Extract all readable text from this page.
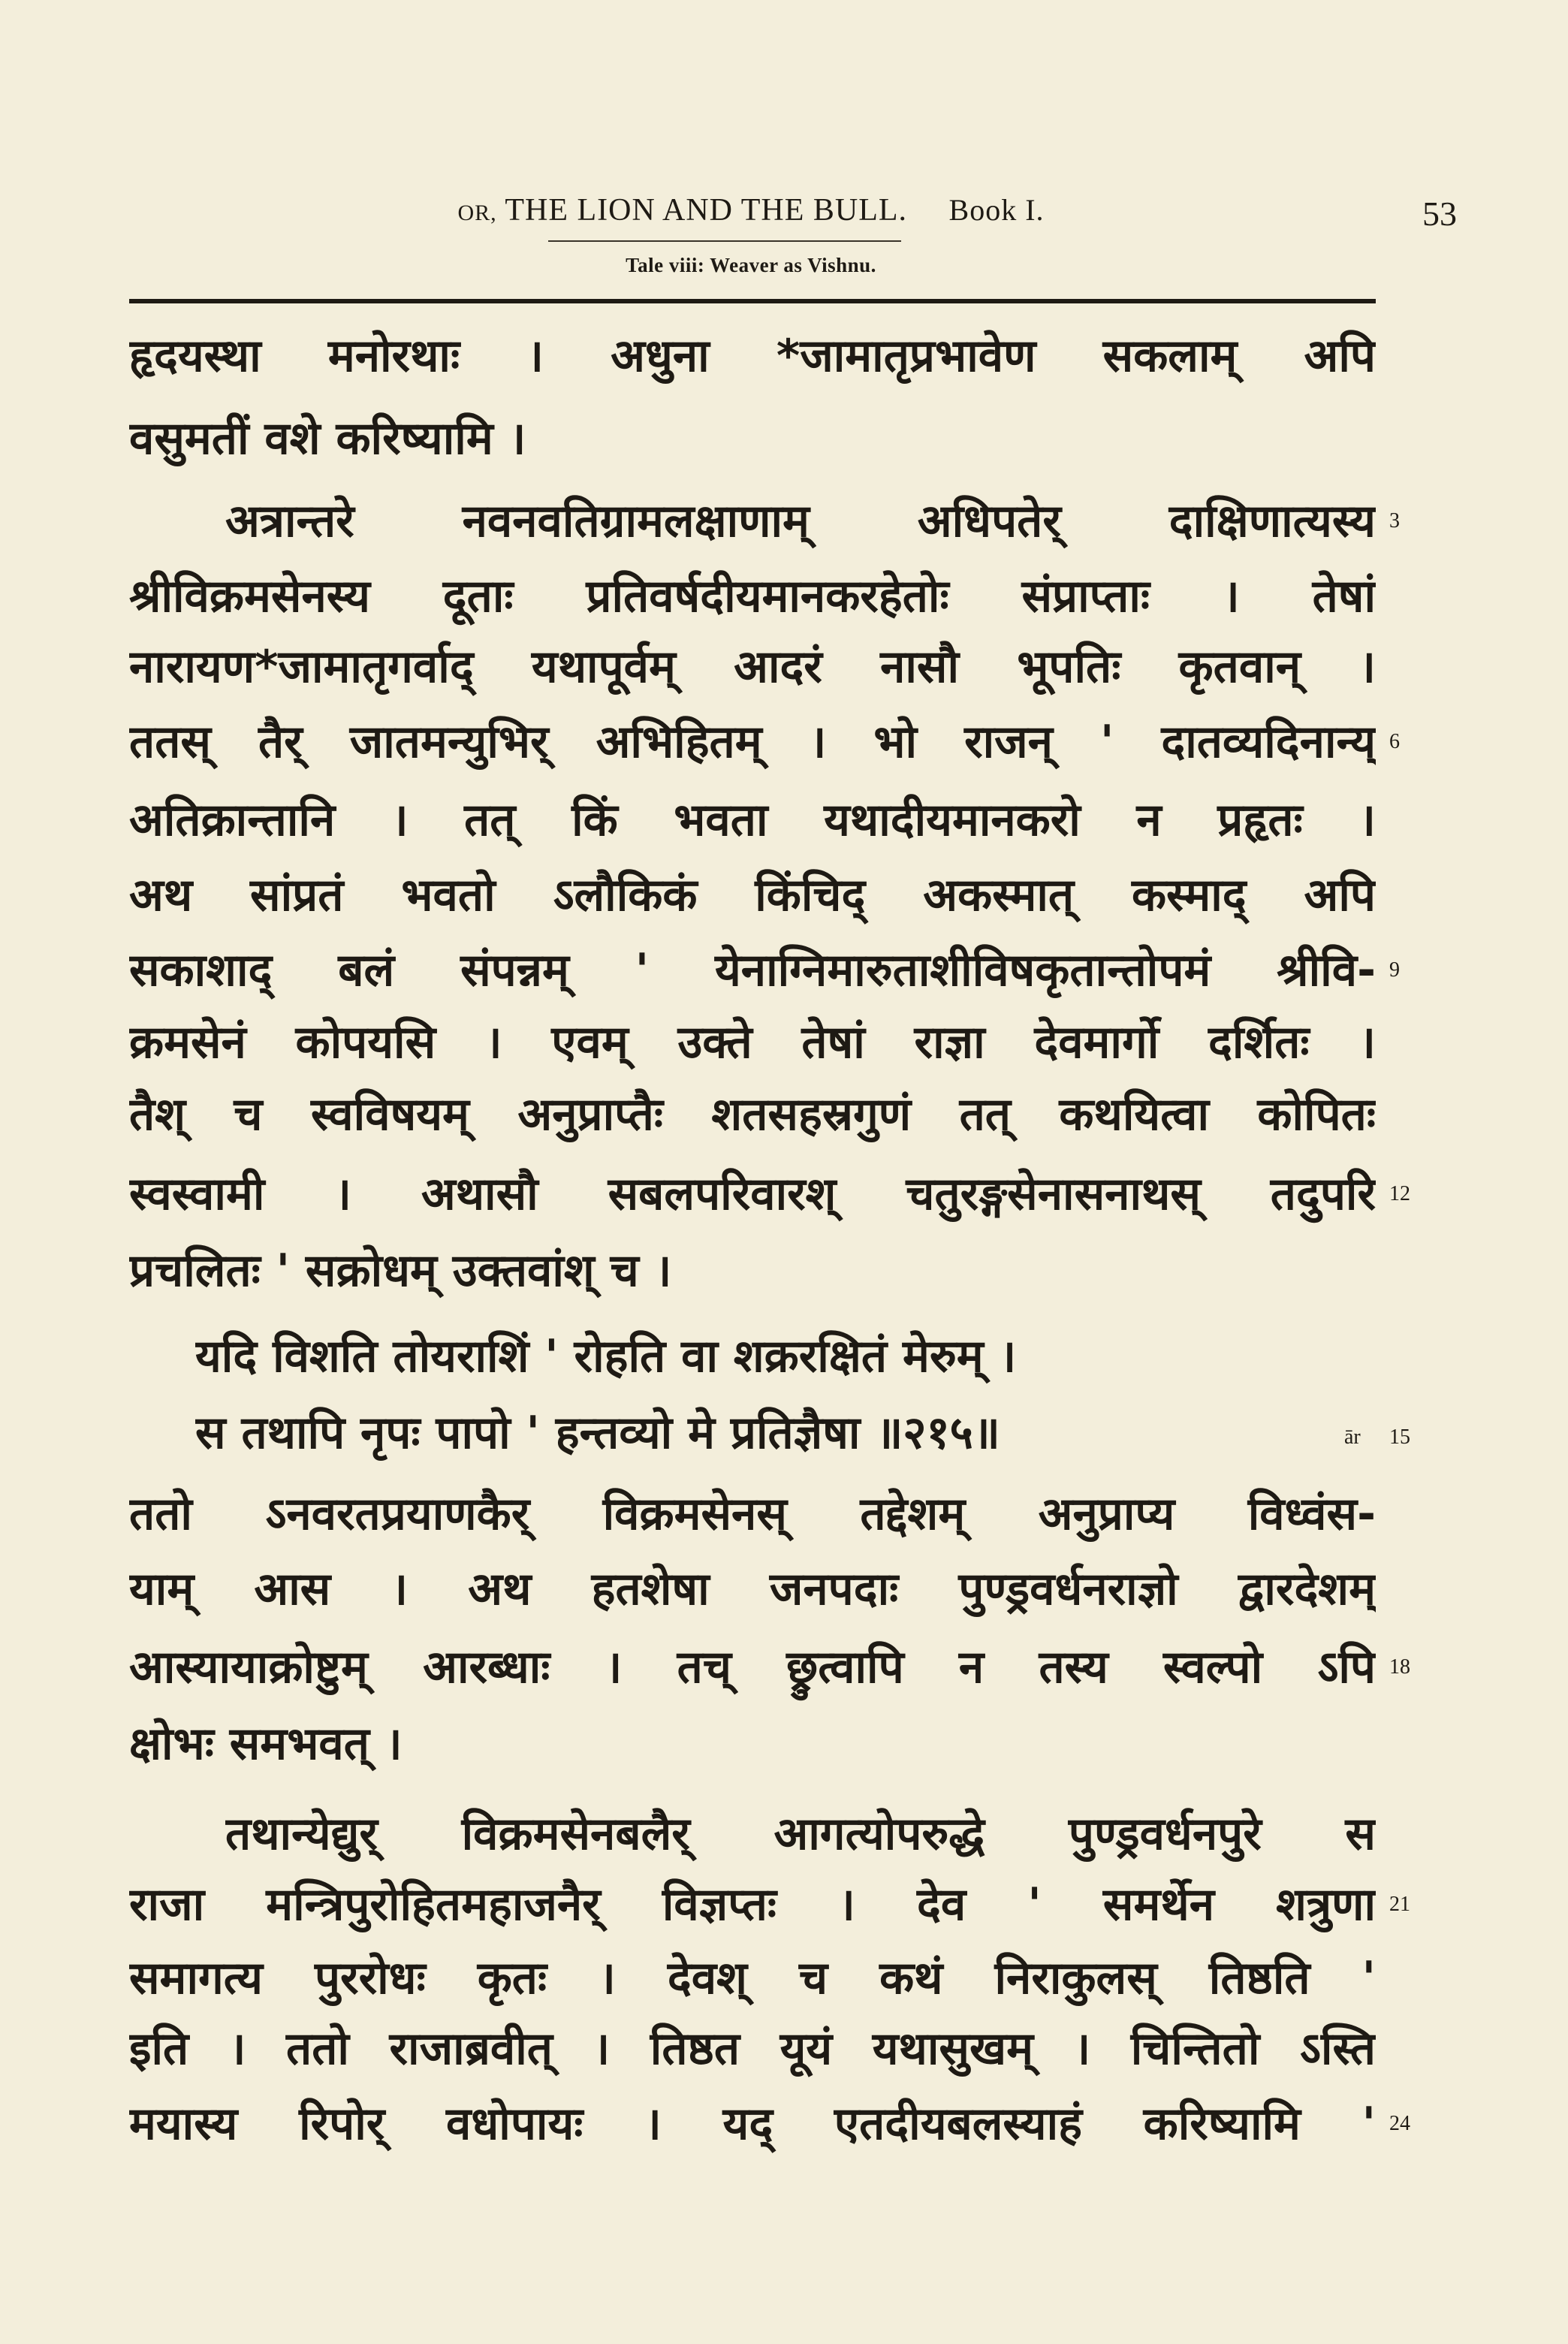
OR, THE LION AND THE BULL. Book I.	53
Tale viii: Weaver as Vishnu.
हृदयस्था मनोरथाः । अधुना *जामातृप्रभावेण सकलाम् अपि
वसुमतीं वशे करिष्यामि ।
अत्रान्तरे नवनवतिग्रामलक्षाणाम् अधिपतेर् दाक्षिणात्यस्य 3
श्रीविक्रमसेनस्य दूताः प्रतिवर्षदीयमानकरहेतोः संप्राप्ताः । तेषां
नारायण*जामातृगर्वाद् यथापूर्वम् आदरं नासौ भूपतिः कृतवान् ।
ततस् तैर् जातमन्युभिर् अभिहितम् । भो राजन् ' दातव्यदिनान्य् 6
अतिक्रान्तानि । तत् किं भवता यथादीयमानकरो न प्रहृतः ।
अथ सांप्रतं भवतो ऽलौकिकं किंचिद् अकस्मात् कस्माद् अपि
सकाशाद् बलं संपन्नम् ' येनाग्निमारुताशीविषकृतान्तोपमं श्रीवि- 9
क्रमसेनं कोपयसि । एवम् उक्ते तेषां राज्ञा देवमार्गो दर्शितः ।
तैश् च स्वविषयम् अनुप्राप्तैः शतसहस्रगुणं तत् कथयित्वा कोपितः
स्वस्वामी । अथासौ सबलपरिवारश् चतुरङ्गसेनासनाथस् तदुपरि 12
प्रचलितः ' सक्रोधम् उक्तवांश् च ।
यदि विशति तोयराशिं ' रोहति वा शक्ररक्षितं मेरुम् ।
स तथापि नृपः पापो ' हन्तव्यो मे प्रतिज्ञैषा ॥२१५॥	ār 15
ततो ऽनवरतप्रयाणकैर् विक्रमसेनस् तद्देशम् अनुप्राप्य विध्वंस-
याम् आस । अथ हतशेषा जनपदाः पुण्ड्रवर्धनराज्ञो द्वारदेशम्
आस्यायाक्रोष्टुम् आरब्धाः । तच् छ्रुत्वापि न तस्य स्वल्पो ऽपि 18
क्षोभः समभवत् ।
तथान्येद्युर् विक्रमसेनबलैर् आगत्योपरुद्धे पुण्ड्रवर्धनपुरे स
राजा मन्त्रिपुरोहितमहाजनैर् विज्ञप्तः । देव ' समर्थेन शत्रुणा 21
समागत्य पुररोधः कृतः । देवश् च कथं निराकुलस् तिष्ठति '
इति । ततो राजाब्रवीत् । तिष्ठत यूयं यथासुखम् । चिन्तितो ऽस्ति
मयास्य रिपोर् वधोपायः । यद् एतदीयबलस्याहं करिष्यामि ' 24
